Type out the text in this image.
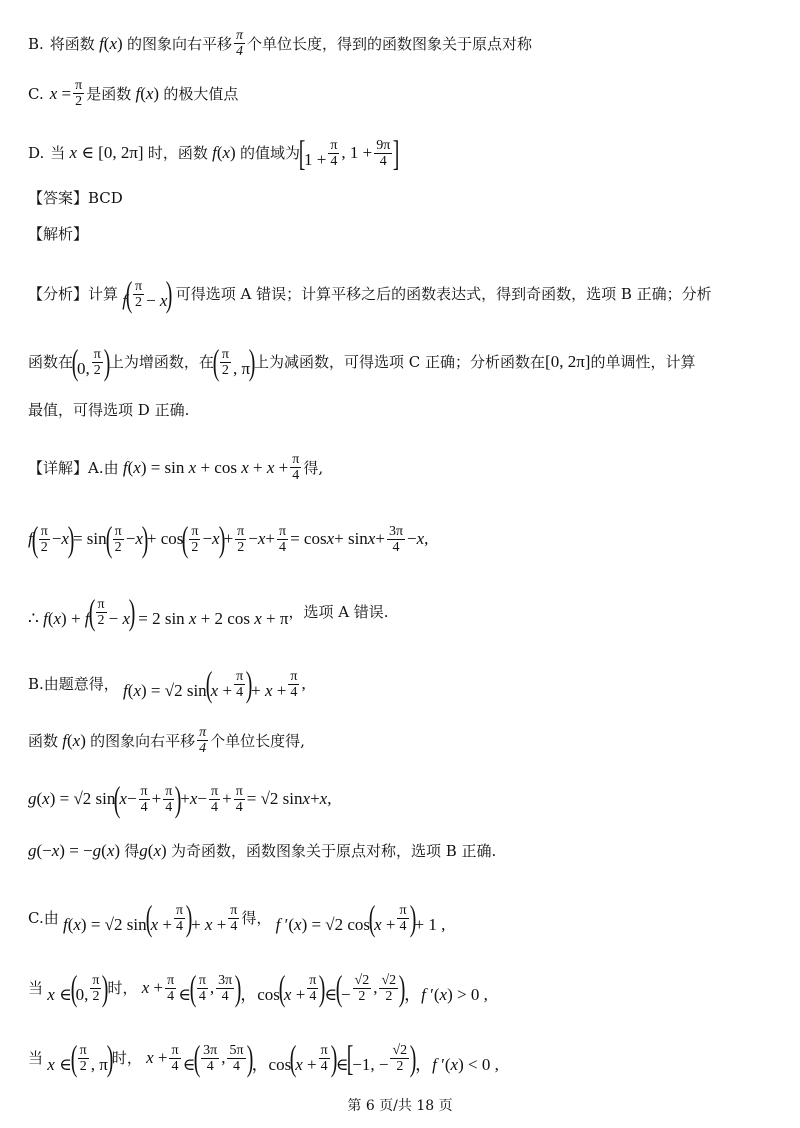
B. 将函数 f(x) 的图象向右平移 $\frac{\pi}{4}$ 个单位长度，得到的函数图象关于原点对称
C. $x = \frac{\pi}{2}$ 是函数 f(x) 的极大值点
D. 当 x ∈ [0, 2π] 时，函数 f(x) 的值域为
[$1 + \frac{\pi}{4}$ , $1 + \frac{9\pi}{4}$ ]
【答案】BCD
【解析】
【分析】计算 $f( \frac{\pi}{2} - x)$ 可得选项 A 错误；计算平移之后的函数表达式，得到奇函数，选项 B 正确；分析
函数在
(0, $\frac{\pi}{2}$ )
上为增函数，在
( $\frac{\pi}{2}$ , π)
上为减函数，可得选项 C 正确；分析函数在 [0, 2π] 的单调性，计算
最值，可得选项 D 正确.
【详解】A.由 $f(x) = \sin x + \cos x + x + \frac{\pi}{4}$ 得,
f
( $\frac{\pi}{2} - x$
)
= sin
( $\frac{\pi}{2} - x$
)
+ cos
( $\frac{\pi}{2} - x$
)
+ $\frac{\pi}{2} - x + \frac{\pi}{4} = \cos x + \sin x + \frac{3\pi}{4} - x$ ,
∴ $f(x) + f( \frac{\pi}{2} - x) = 2$ sin x + 2 cos x + π ，选项 A 错误.
B.由题意得， f(x) = √2 $\sin(x + \frac{\pi}{4}$ )+ $x + \frac{\pi}{4}$ ,
函数 f(x) 的图象向右平移 $\frac{\pi}{4}$ 个单位长度得,
g ( x ) = √2 sin
(
$x - \frac{\pi}{4} + \frac{\pi}{4}$ )
+ $x - \frac{\pi}{4} + \frac{\pi}{4} = √2$ sin x + x ,
g(−x) = −g(x) 得 g(x) 为奇函数，函数图象关于原点对称，选项 B 正确.
C.由 f(x) = √2 $\sin(x + \frac{\pi}{4}$ )+ $x + \frac{\pi}{4}$ 得， f ′(x) = √2 $\cos(x + \frac{\pi}{4}$ )+ 1 ,
当 x ∈(0, $\frac{\pi}{2}$ )
时， $x + \frac{\pi}{4}$ ∈( $\frac{\pi}{4}$ , $\frac{3\pi}{4}$ )，$\cos(x + \frac{\pi}{4}$ )∈(− $\frac{√2}{2}$ , $\frac{√2}{2}$ )，f ′(x) > 0 ,
当 x ∈( $\frac{\pi}{2}$ , π)
时， $x + \frac{\pi}{4}$ ∈( $\frac{3\pi}{4}$ , $\frac{5\pi}{4}$ )，$\cos(x + \frac{\pi}{4}$ )∈[−1, − $\frac{√2}{2}$ )，f ′(x) < 0 ,
第 6 页/共 18 页
